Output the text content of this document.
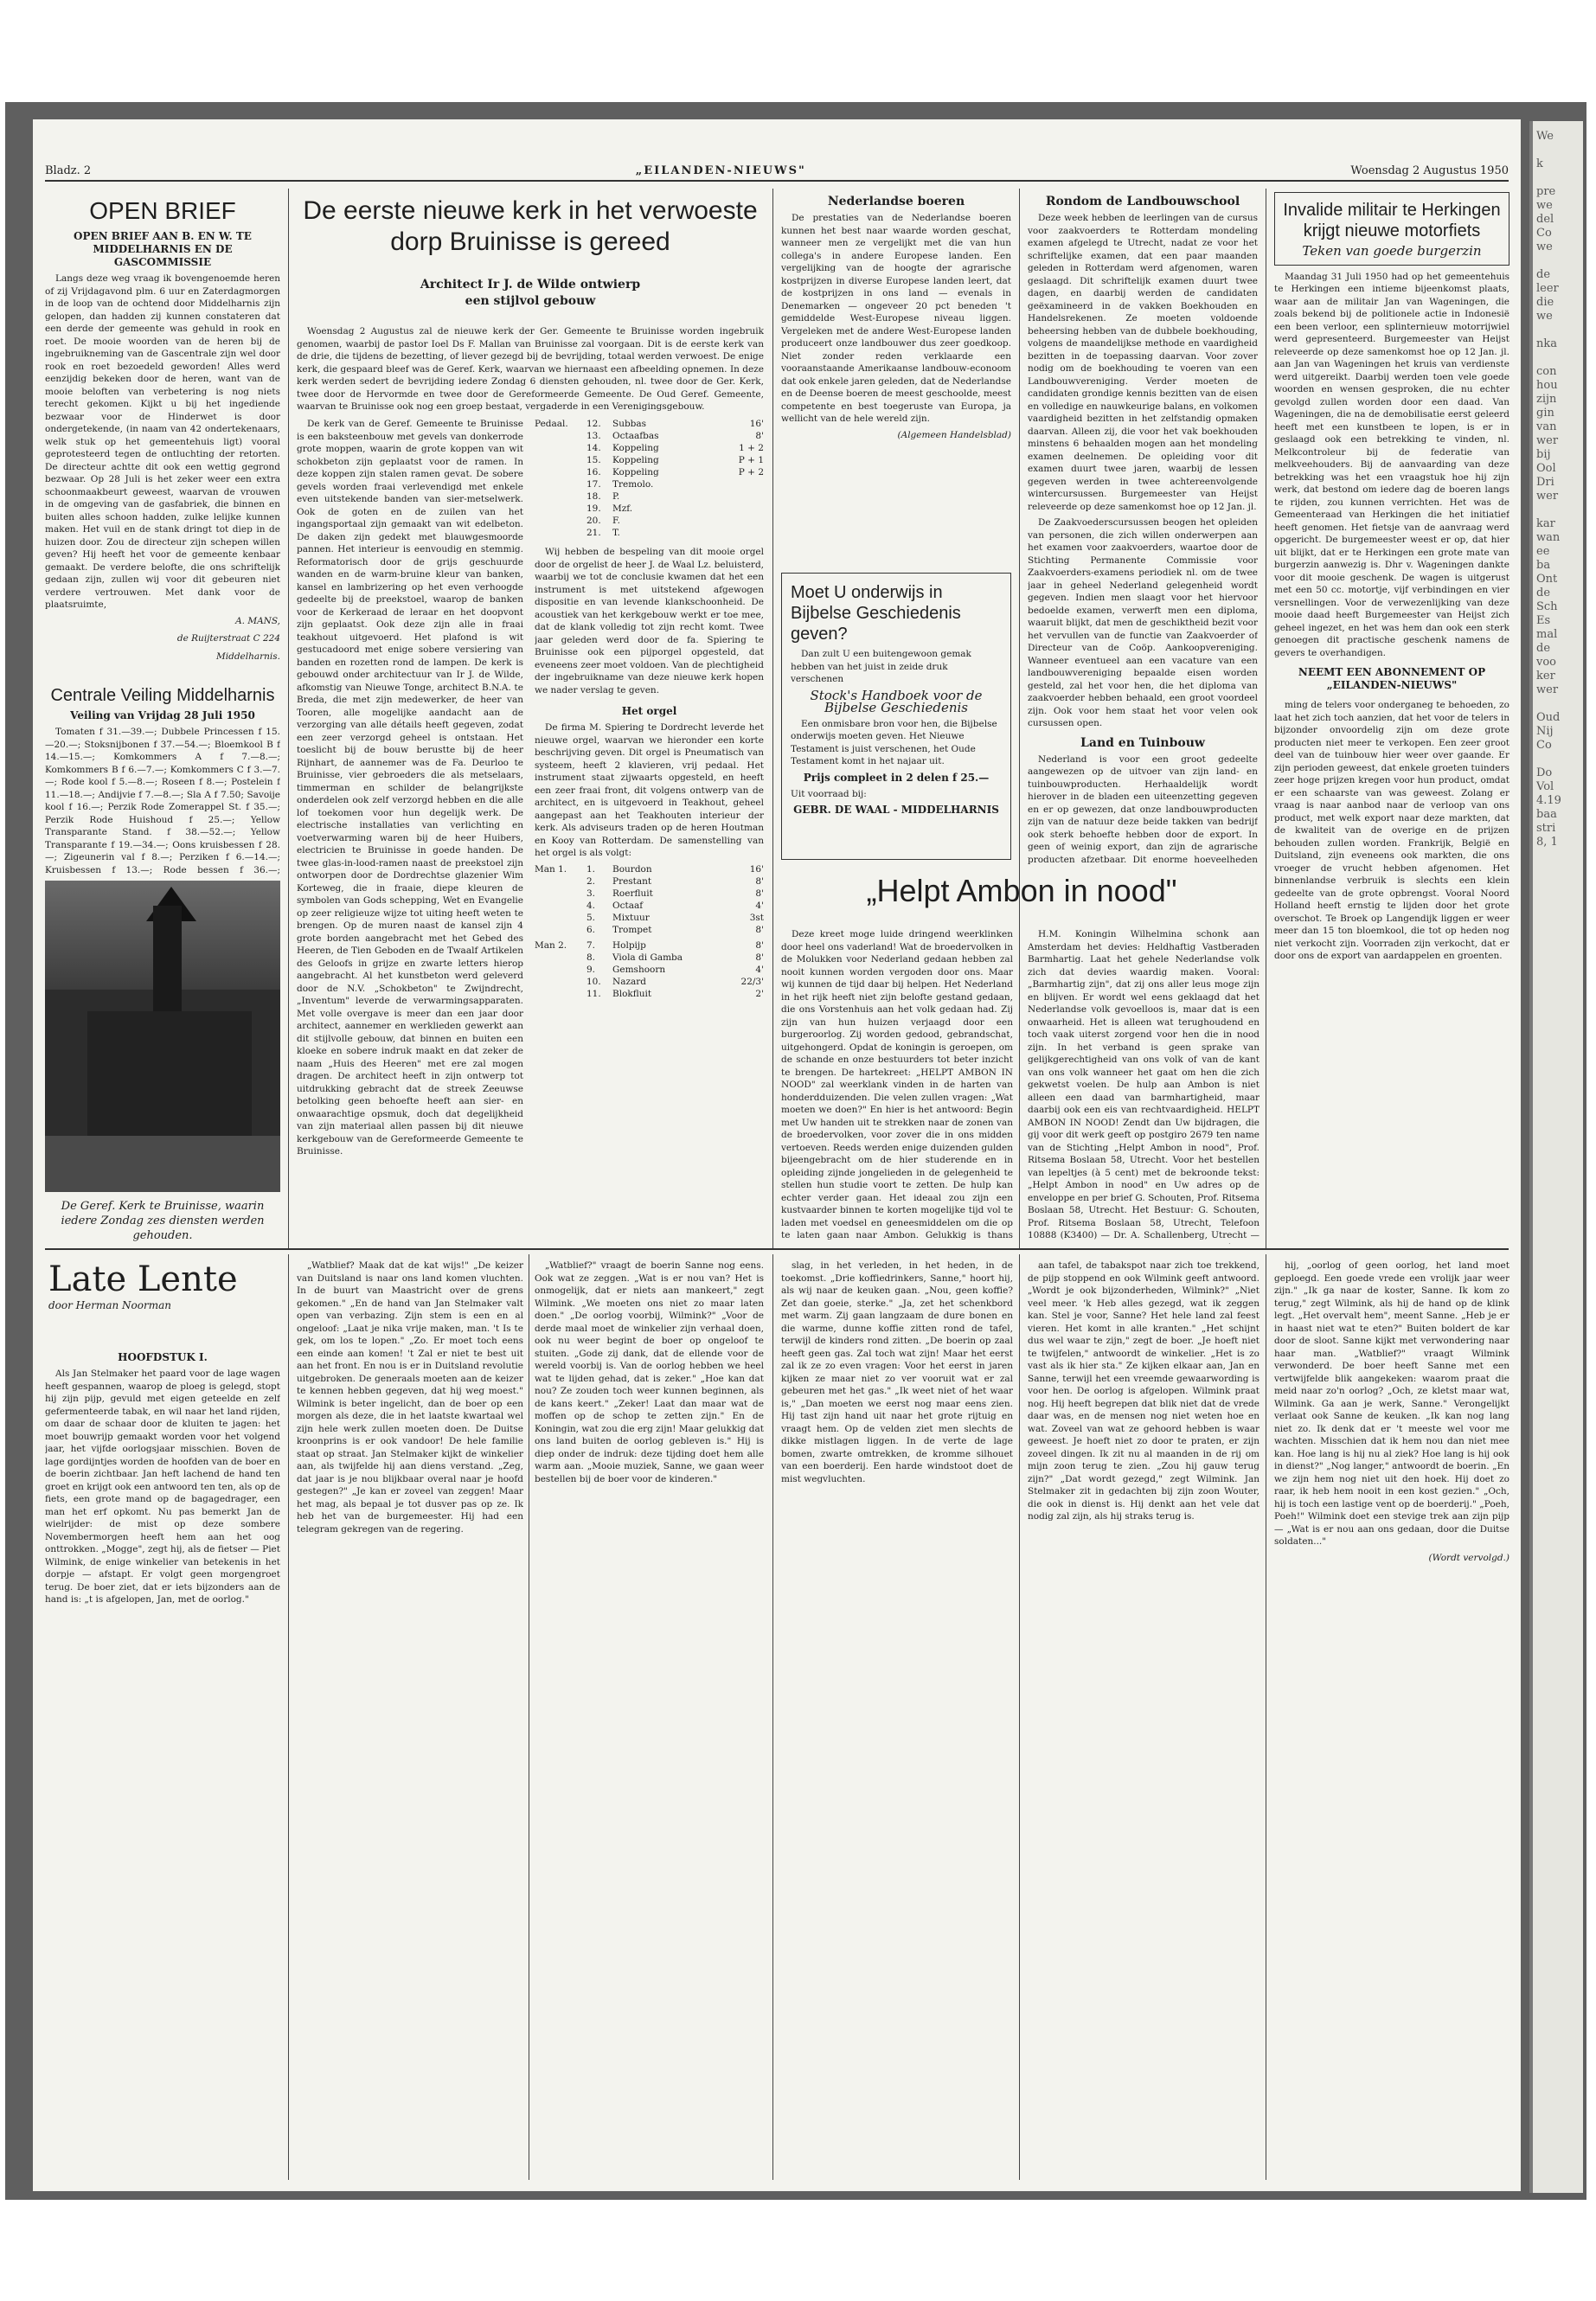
We

k

pre
we
del
Co
we

de
leer
die
we

nka

con
hou
zijn
gin
van
wer
bij
Ool
Dri
wer

kar
wan
ee
ba
Ont
de
Sch
Es
mal
de
voo
ker
wer

Oud
Nij
Co

Do
Vol
4.19
baa
stri
8, 1
Bladz. 2	„EILANDEN-NIEUWS"	Woensdag 2 Augustus 1950
OPEN BRIEF
OPEN BRIEF AAN B. EN W. TE MIDDELHARNIS EN DE GASCOMMISSIE

Langs deze weg vraag ik bovengenoemde heren of zij Vrijdagavond plm. 6 uur en Zaterdagmorgen in de loop van de ochtend door Middelharnis zijn gelopen, dan hadden zij kunnen constateren dat een derde der gemeente was gehuld in rook en roet. De mooie woorden van de heren bij de ingebruikneming van de Gascentrale zijn wel door rook en roet bezoedeld geworden! Alles werd eenzijdig bekeken door de heren, want van de mooie beloften van verbetering is nog niets terecht gekomen. Kijkt u bij het ingediende bezwaar voor de Hinderwet is door ondergetekende, (in naam van 42 ondertekenaars, welk stuk op het gemeentehuis ligt) vooral geprotesteerd tegen de ontluchting der retorten. De directeur achtte dit ook een wettig gegrond bezwaar. Op 28 Juli is het zeker weer een extra schoonmaakbeurt geweest, waarvan de vrouwen in de omgeving van de gasfabriek, die binnen en buiten alles schoon hadden, zulke lelijke kunnen maken. Het vuil en de stank dringt tot diep in de huizen door. Zou de directeur zijn schepen willen geven? Hij heeft het voor de gemeente kenbaar gemaakt. De verdere belofte, die ons schriftelijk gedaan zijn, zullen wij voor dit gebeuren niet verdere vertrouwen. Met dank voor de plaatsruimte,

A. MANS,
de Ruijterstraat C 224
Middelharnis.
De Geref. Kerk te Bruinisse, waarin iedere Zondag zes diensten werden gehouden.
De eerste nieuwe kerk in het verwoeste dorp Bruinisse is gereed
Architect Ir J. de Wilde ontwierp
een stijlvol gebouw

Woensdag 2 Augustus zal de nieuwe kerk der Ger. Gemeente te Bruinisse worden ingebruik genomen, waarbij de pastor Ioel Ds F. Mallan van Bruinisse zal voorgaan. Dit is de eerste kerk van de drie, die tijdens de bezetting, of liever gezegd bij de bevrijding, totaal werden verwoest. De enige kerk, die gespaard bleef was de Geref. Kerk, waarvan we hiernaast een afbeelding opnemen. In deze kerk werden sedert de bevrijding iedere Zondag 6 diensten gehouden, nl. twee door de Ger. Kerk, twee door de Hervormde en twee door de Gereformeerde Gemeente. De Oud Geref. Gemeente, waarvan te Bruinisse ook nog een groep bestaat, vergaderde in een Verenigingsgebouw.

De kerk van de Geref. Gemeente te Bruinisse is een baksteenbouw met gevels van donkerrode grote moppen, waarin de grote koppen van wit schokbeton zijn geplaatst voor de ramen. In deze koppen zijn stalen ramen gevat. De sobere gevels worden fraai verlevendigd met enkele even uitstekende banden van sier-metselwerk. Ook de goten en de zuilen van het ingangsportaal zijn gemaakt van wit edelbeton. De daken zijn gedekt met blauwgesmoorde pannen. Het interieur is eenvoudig en stemmig. Reformatorisch door de grijs geschuurde wanden en de warm-bruine kleur van banken, kansel en lambrizering op het even verhoogde gedeelte bij de preekstoel, waarop de banken voor de Kerkeraad de leraar en het doopvont zijn geplaatst. Ook deze zijn alle in fraai teakhout uitgevoerd. Het plafond is wit gestucadoord met enige sobere versiering van banden en rozetten rond de lampen. De kerk is gebouwd onder architectuur van Ir J. de Wilde, afkomstig van Nieuwe Tonge, architect B.N.A. te Breda, die met zijn medewerker, de heer van Tooren, alle mogelijke aandacht aan de verzorging van alle détails heeft gegeven, zodat een zeer verzorgd geheel is ontstaan. Het toeslicht bij de bouw berustte bij de heer Rijnhart, de aannemer was de Fa. Deurloo te Bruinisse, vier gebroeders die als metselaars, timmerman en schilder de belangrijkste onderdelen ook zelf verzorgd hebben en die alle lof toekomen voor hun degelijk werk. De electrische installaties van verlichting en voetverwarming waren bij de heer Huibers, electricien te Bruinisse in goede handen. De twee glas-in-lood-ramen naast de preekstoel zijn ontworpen door de Dordrechtse glazenier Wim Korteweg, die in fraaie, diepe kleuren de symbolen van Gods schepping, Wet en Evangelie op zeer religieuze wijze tot uiting heeft weten te brengen. Op de muren naast de kansel zijn 4 grote borden aangebracht met het Gebed des Heeren, de Tien Geboden en de Twaalf Artikelen des Geloofs in grijze en zwarte letters hierop aangebracht. Al het kunstbeton werd geleverd door de N.V. „Schokbeton" te Zwijndrecht, „Inventum" leverde de verwarmingsapparaten. Met volle overgave is meer dan een jaar door architect, aannemer en werklieden gewerkt aan dit stijlvolle gebouw, dat binnen en buiten een kloeke en sobere indruk maakt en dat zeker de naam „Huis des Heeren" met ere zal mogen dragen. De architect heeft in zijn ontwerp tot uitdrukking gebracht dat de streek Zeeuwse betolking geen behoefte heeft aan sier- en onwaarachtige opsmuk, doch dat degelijkheid van zijn materiaal allen passen bij dit nieuwe kerkgebouw van de Gereformeerde Gemeente te Bruinisse.

Pedaal.	12.	Subbas	16'
13.	Octaafbas	8'
14.	Koppeling	1 + 2
15.	Koppeling	P + 1
16.	Koppeling	P + 2
17.	Tremolo.
18.	P.
19.	Mzf.
20.	F.
21.	T.

Wij hebben de bespeling van dit mooie orgel door de orgelist de heer J. de Waal Lz. beluisterd, waarbij we tot de conclusie kwamen dat het een instrument is met uitstekend afgewogen dispositie en van levende klankschoonheid. De acoustiek van het kerkgebouw werkt er toe mee, dat de klank volledig tot zijn recht komt. Twee jaar geleden werd door de fa. Spiering te Bruinisse ook een pijporgel opgesteld, dat eveneens zeer moet voldoen. Van de plechtigheid der ingebruikname van deze nieuwe kerk hopen we nader verslag te geven.

Het orgel

De firma M. Spiering te Dordrecht leverde het nieuwe orgel, waarvan we hieronder een korte beschrijving geven. Dit orgel is Pneumatisch van systeem, heeft 2 klavieren, vrij pedaal. Het instrument staat zijwaarts opgesteld, en heeft een zeer fraai front, dit volgens ontwerp van de architect, en is uitgevoerd in Teakhout, geheel aangepast aan het Teakhouten interieur der kerk. Als adviseurs traden op de heren Houtman en Kooy van Rotterdam. De samenstelling van het orgel is als volgt:

Man 1.	1.	Bourdon	16'
2.	Prestant	8'
3.	Roerfluit	8'
4.	Octaaf	4'
5.	Mixtuur	3st
6.	Trompet	8'
Man 2.	7.	Holpijp	8'
8.	Viola di Gamba	8'
9.	Gemshoorn	4'
10.	Nazard	22/3'
11.	Blokfluit	2'
Nederlandse boeren

De prestaties van de Nederlandse boeren kunnen het best naar waarde worden geschat, wanneer men ze vergelijkt met die van hun collega's in andere Europese landen. Een vergelijking van de hoogte der agrarische kostprijzen in diverse Europese landen leert, dat de kostprijzen in ons land — evenals in Denemarken — ongeveer 20 pct beneden 't gemiddelde West-Europese niveau liggen. Vergeleken met de andere West-Europese landen produceert onze landbouwer dus zeer goedkoop. Niet zonder reden verklaarde een vooraanstaande Amerikaanse landbouw-econoom dat ook enkele jaren geleden, dat de Nederlandse en de Deense boeren de meest geschoolde, meest competente en best toegeruste van Europa, ja wellicht van de hele wereld zijn.

(Algemeen Handelsblad)
Moet U onderwijs in Bijbelse Geschiedenis geven?

Dan zult U een buitengewoon gemak hebben van het juist in zeide druk verschenen

Stock's Handboek voor de Bijbelse Geschiedenis

Een onmisbare bron voor hen, die Bijbelse onderwijs moeten geven. Het Nieuwe Testament is juist verschenen, het Oude Testament komt in het najaar uit.

Prijs compleet in 2 delen f 25.—
Uit voorraad bij:
GEBR. DE WAAL - MIDDELHARNIS
„Helpt Ambon in nood"

Deze kreet moge luide dringend weerklinken door heel ons vaderland! Wat de broedervolken in de Molukken voor Nederland gedaan hebben zal nooit kunnen worden vergoden door ons. Maar wij kunnen de tijd daar bij helpen. Het Nederland in het rijk heeft niet zijn belofte gestand gedaan, die ons Vorstenhuis aan het volk gedaan had. Zij zijn van hun huizen verjaagd door een burgeroorlog. Zij worden gedood, gebrandschat, uitgehongerd. Opdat de koningin is geroepen, om de schande en onze bestuurders tot beter inzicht te brengen. De hartekreet: „HELPT AMBON IN NOOD" zal weerklank vinden in de harten van honderdduizenden. Die velen zullen vragen: „Wat moeten we doen?" En hier is het antwoord: Begin met Uw handen uit te strekken naar de zonen van de broedervolken, voor zover die in ons midden vertoeven. Reeds werden enige duizenden gulden bijeengebracht om de hier studerende en in opleiding zijnde jongelieden in de gelegenheid te stellen hun studie voort te zetten. De hulp kan echter verder gaan. Het ideaal zou zijn een kustvaarder binnen te korten mogelijke tijd vol te laden met voedsel en geneesmiddelen om die op te laten gaan naar Ambon. Gelukkig is thans

H.M. Koningin Wilhelmina schonk aan Amsterdam het devies: Heldhaftig Vastberaden Barmhartig. Laat het gehele Nederlandse volk zich dat devies waardig maken. Vooral: „Barmhartig zijn", dat zij ons aller leus moge zijn en blijven. Er wordt wel eens geklaagd dat het Nederlandse volk gevoelloos is, maar dat is een onwaarheid. Het is alleen wat terughoudend en toch vaak uiterst zorgend voor hen die in nood zijn. In het verband is geen sprake van gelijkgerechtigheid van ons volk of van de kant van ons volk wanneer het gaat om hen die zich gekwetst voelen. De hulp aan Ambon is niet alleen een daad van barmhartigheid, maar daarbij ook een eis van rechtvaardigheid. HELPT AMBON IN NOOD! Zendt dan Uw bijdragen, die gij voor dit werk geeft op postgiro 2679 ten name van de Stichting „Helpt Ambon in nood", Prof. Ritsema Boslaan 58, Utrecht. Voor het bestellen van lepeltjes (à 5 cent) met de bekroonde tekst: „Helpt Ambon in nood" en Uw adres op de enveloppe en per brief G. Schouten, Prof. Ritsema Boslaan 58, Utrecht. Het Bestuur: G. Schouten, Prof. Ritsema Boslaan 58, Utrecht, Telefoon 10888 (K3400) — Dr. A. Schallenberg, Utrecht —

Rondom de Landbouwschool

Deze week hebben de leerlingen van de cursus voor zaakvoerders te Rotterdam mondeling examen afgelegd te Utrecht, nadat ze voor het schriftelijke examen, dat een paar maanden geleden in Rotterdam werd afgenomen, waren geslaagd. Dit schriftelijk examen duurt twee dagen, en daarbij werden de candidaten geëxamineerd in de vakken Boekhouden en Handelsrekenen. Ze moeten voldoende beheersing hebben van de dubbele boekhouding, volgens de maandelijkse methode en vaardigheid bezitten in de toepassing daarvan. Voor zover nodig om de boekhouding te voeren van een Landbouwvereniging. Verder moeten de candidaten grondige kennis bezitten van de eisen en volledige en nauwkeurige balans, en volkomen vaardigheid bezitten in het zelfstandig opmaken daarvan. Alleen zij, die voor het vak boekhouden minstens 6 behaalden mogen aan het mondeling examen deelnemen. De opleiding voor dit examen duurt twee jaren, waarbij de lessen gegeven werden in twee achtereenvolgende wintercursussen. Burgemeester van Heijst releveerde op deze samenkomst hoe op 12 Jan. jl.

De Zaakvoederscursussen beogen het opleiden van personen, die zich willen onderwerpen aan het examen voor zaakvoerders, waartoe door de Stichting Permanente Commissie voor Zaakvoerders-examens periodiek nl. om de twee jaar in geheel Nederland gelegenheid wordt gegeven. Indien men slaagt voor het hiervoor bedoelde examen, verwerft men een diploma, waaruit blijkt, dat men de geschiktheid bezit voor het vervullen van de functie van Zaakvoerder of Directeur van de Coöp. Aankoopvereniging. Wanneer eventueel aan een vacature van een landbouwvereniging bepaalde eisen worden gesteld, zal het voor hen, die het diploma van zaakvoerder hebben behaald, een groot voordeel zijn. Ook voor hem staat het voor velen ook cursussen open.

Land en Tuinbouw

Nederland is voor een groot gedeelte aangewezen op de uitvoer van zijn land- en tuinbouwproducten. Herhaaldelijk wordt hierover in de bladen een uiteenzetting gegeven en er op gewezen, dat onze landbouwproducten zijn van de natuur deze beide takken van bedrijf ook sterk behoefte hebben door de export. In geen of weinig export, dan zijn de agrarische producten afzetbaar. Dit enorme hoeveelheden

Invalide militair te Herkingen krijgt nieuwe motorfiets
Teken van goede burgerzin

Maandag 31 Juli 1950 had op het gemeentehuis te Herkingen een intieme bijeenkomst plaats, waar aan de militair Jan van Wageningen, die zoals bekend bij de politionele actie in Indonesië een been verloor, een splinternieuw motorrijwiel werd gepresenteerd. Burgemeester van Heijst releveerde op deze samenkomst hoe op 12 Jan. jl. aan Jan van Wageningen het kruis van verdienste werd uitgereikt. Daarbij werden toen vele goede woorden en wensen gesproken, die nu echter gevolgd zullen worden door een daad. Van Wageningen, die na de demobilisatie eerst geleerd heeft met een kunstbeen te lopen, is er in geslaagd ook een betrekking te vinden, nl. Melkcontroleur bij de federatie van melkveehouders. Bij de aanvaarding van deze betrekking was het een vraagstuk hoe hij zijn werk, dat bestond om iedere dag de boeren langs te rijden, zou kunnen verrichten. Het was de Gemeenteraad van Herkingen die het initiatief heeft genomen. Het fietsje van de aanvraag werd opgericht. De burgemeester weest er op, dat hier uit blijkt, dat er te Herkingen een grote mate van burgerzin aanwezig is. Dhr v. Wageningen dankte voor dit mooie geschenk. De wagen is uitgerust met een 50 cc. motortje, vijf verbindingen en vier versnellingen. Voor de verwezenlijking van deze mooie daad heeft Burgemeester van Heijst zich geheel ingezet, en het was hem dan ook een sterk genoegen dit practische geschenk namens de gevers te overhandigen.

NEEMT EEN ABONNEMENT OP „EILANDEN-NIEUWS"

ming de telers voor onderganeg te behoeden, zo laat het zich toch aanzien, dat het voor de telers in bijzonder onvoordelig zijn om deze grote producten niet meer te verkopen. Een zeer groot deel van de tuinbouw hier weer over gaande. Er zijn perioden geweest, dat enkele groeten tuinders zeer hoge prijzen kregen voor hun product, omdat er een schaarste van was geweest. Zolang er vraag is naar aanbod naar de verloop van ons product, met welk export naar deze markten, dat de kwaliteit van de overige en de prijzen behouden zullen worden. Frankrijk, België en Duitsland, zijn eveneens ook markten, die ons vroeger de vrucht hebben afgenomen. Het binnenlandse verbruik is slechts een klein gedeelte van de grote opbrengst. Vooral Noord Holland heeft ernstig te lijden door het grote overschot. Te Broek op Langendijk liggen er weer meer dan 15 ton bloemkool, die tot op heden nog niet verkocht zijn. Voorraden zijn verkocht, dat er door ons de export van aardappelen en groenten.

Late Lente
door Herman Noorman
HOOFDSTUK I.

Als Jan Stelmaker het paard voor de lage wagen heeft gespannen, waarop de ploeg is gelegd, stopt hij zijn pijp, gevuld met eigen geteelde en zelf gefermenteerde tabak, en wil naar het land rijden, om daar de schaar door de kluiten te jagen: het moet bouwrijp gemaakt worden voor het volgend jaar, het vijfde oorlogsjaar misschien. Boven de lage gordijntjes worden de hoofden van de boer en de boerin zichtbaar. Jan heft lachend de hand ten groet en krijgt ook een antwoord ten ten, als op de fiets, een grote mand op de bagagedrager, een man het erf opkomt. Nu pas bemerkt Jan de wielrijder: de mist op deze sombere Novembermorgen heeft hem aan het oog onttrokken. „Mogge", zegt hij, als de fietser — Piet Wilmink, de enige winkelier van betekenis in het dorpje — afstapt. Er volgt geen morgengroet terug. De boer ziet, dat er iets bijzonders aan de hand is: „t is afgelopen, Jan, met de oorlog."

„Watblief? Maak dat de kat wijs!" „De keizer van Duitsland is naar ons land komen vluchten. In de buurt van Maastricht over de grens gekomen." „En de hand van Jan Stelmaker valt open van verbazing. Zijn stem is een en al ongeloof: „Laat je nika vrije maken, man. 't Is te gek, om los te lopen." „Zo. Er moet toch eens een einde aan komen! 't Zal er niet te best uit aan het front. En nou is er in Duitsland revolutie uitgebroken. De generaals moeten aan de keizer te kennen hebben gegeven, dat hij weg moest." Wilmink is beter ingelicht, dan de boer op een morgen als deze, die in het laatste kwartaal wel zijn hele werk zullen moeten doen. De Duitse kroonprins is er ook vandoor! De hele familie staat op straat. Jan Stelmaker kijkt de winkelier aan, als twijfelde hij aan diens verstand. „Zeg, dat jaar is je nou blijkbaar overal naar je hoofd gestegen?" „Je kan er zoveel van zeggen! Maar het mag, als bepaal je tot dusver pas op ze. Ik heb het van de burgemeester. Hij had een telegram gekregen van de regering.

„Watblief?" vraagt de boerin Sanne nog eens. Ook wat ze zeggen. „Wat is er nou van? Het is onmogelijk, dat er niets aan mankeert," zegt Wilmink. „We moeten ons niet zo maar laten doen." „De oorlog voorbij, Wilmink?" „Voor de derde maal moet de winkelier zijn verhaal doen, ook nu weer begint de boer op ongeloof te stuiten. „Gode zij dank, dat de ellende voor de wereld voorbij is. Van de oorlog hebben we heel wat te lijden gehad, dat is zeker." „Hoe kan dat nou? Ze zouden toch weer kunnen beginnen, als de kans keert." „Zeker! Laat dan maar wat de moffen op de schop te zetten zijn." En de Koningin, wat zou die erg zijn! Maar gelukkig dat ons land buiten de oorlog gebleven is." Hij is diep onder de indruk: deze tijding doet hem alle warm aan. „Mooie muziek, Sanne, we gaan weer bestellen bij de boer voor de kinderen."

slag, in het verleden, in het heden, in de toekomst. „Drie koffiedrinkers, Sanne," hoort hij, als wij naar de keuken gaan. „Nou, geen koffie? Zet dan goeie, sterke." „Ja, zet het schenkbord met warm. Zij gaan langzaam de dure bonen en die warme, dunne koffie zitten rond de tafel, terwijl de kinders rond zitten. „De boerin op zaal heeft geen gas. Zal toch wat zijn! Maar het eerst zal ik ze zo even vragen: Voor het eerst in jaren kijken ze maar niet zo ver vooruit wat er zal gebeuren met het gas." „Ik weet niet of het waar is," „Dan moeten we eerst nog maar eens zien. Hij tast zijn hand uit naar het grote rijtuig en vraagt hem. Op de velden ziet men slechts de dikke mistlagen liggen. In de verte de lage bomen, zwarte omtrekken, de kromme silhouet van een boerderij. Een harde windstoot doet de mist wegvluchten.

aan tafel, de tabakspot naar zich toe trekkend, de pijp stoppend en ook Wilmink geeft antwoord. „Wordt je ook bijzonderheden, Wilmink?" „Niet veel meer. 'k Heb alles gezegd, wat ik zeggen kan. Stel je voor, Sanne? Het hele land zal feest vieren. Het komt in alle kranten." „Het schijnt dus wel waar te zijn," zegt de boer. „Je hoeft niet te twijfelen," antwoordt de winkelier. „Het is zo vast als ik hier sta." Ze kijken elkaar aan, Jan en Sanne, terwijl het een vreemde gewaarwording is voor hen. De oorlog is afgelopen. Wilmink praat nog. Hij heeft begrepen dat blik niet dat de vrede daar was, en de mensen nog niet weten hoe en wat. Zoveel van wat ze gehoord hebben is waar geweest. Je hoeft niet zo door te praten, er zijn zoveel dingen. Ik zit nu al maanden in de rij om mijn zoon terug te zien. „Zou hij gauw terug zijn?" „Dat wordt gezegd," zegt Wilmink. Jan Stelmaker zit in gedachten bij zijn zoon Wouter, die ook in dienst is. Hij denkt aan het vele dat nodig zal zijn, als hij straks terug is.

hij, „oorlog of geen oorlog, het land moet geploegd. Een goede vrede een vrolijk jaar weer zijn." „Ik ga naar de koster, Sanne. Ik kom zo terug," zegt Wilmink, als hij de hand op de klink legt. „Het overvalt hem", meent Sanne. „Heb je er in haast niet wat te eten?" Buiten boldert de kar door de sloot. Sanne kijkt met verwondering naar haar man. „Watblief?" vraagt Wilmink verwonderd. De boer heeft Sanne met een vertwijfelde blik aangekeken: waarom praat die meid naar zo'n oorlog? „Och, ze kletst maar wat, Wilmink. Ga aan je werk, Sanne." Verongelijkt verlaat ook Sanne de keuken. „Ik kan nog lang niet zo. Ik denk dat er 't meeste wel voor me wachten. Misschien dat ik hem nou dan niet mee kan. Hoe lang is hij nu al ziek? Hoe lang is hij ook in dienst?" „Nog langer," antwoordt de boerin. „En we zijn hem nog niet uit den hoek. Hij doet zo raar, ik heb hem nooit in een kost gezien." „Och, hij is toch een lastige vent op de boerderij." „Poeh, Poeh!" Wilmink doet een stevige trek aan zijn pijp — „Wat is er nou aan ons gedaan, door die Duitse soldaten..."

(Wordt vervolgd.)
Centrale Veiling Middelharnis
Veiling van Vrijdag 28 Juli 1950
Tomaten f 31.—39.—; Dubbele Princessen f 15.—20.—; Stoksnijbonen f 37.—54.—; Bloemkool B f 14.—15.—; Komkommers A f 7.—8.—; Komkommers B f 6.—7.—; Komkommers C f 3.—7.—; Rode kool f 5.—8.—; Roseen f 8.—; Postelein f 11.—18.—; Andijvie f 7.—8.—; Sla A f 7.50; Savoije kool f 16.—; Perzik Rode Zomerappel St. f 35.—; Perzik Rode Huishoud f 25.—; Yellow Transparante Stand. f 38.—52.—; Yellow Transparante f 19.—34.—; Oons kruisbessen f 28.—; Zigeunerin val f 8.—; Perziken f 6.—14.—; Kruisbessen f 13.—; Rode bessen f 36.—;
